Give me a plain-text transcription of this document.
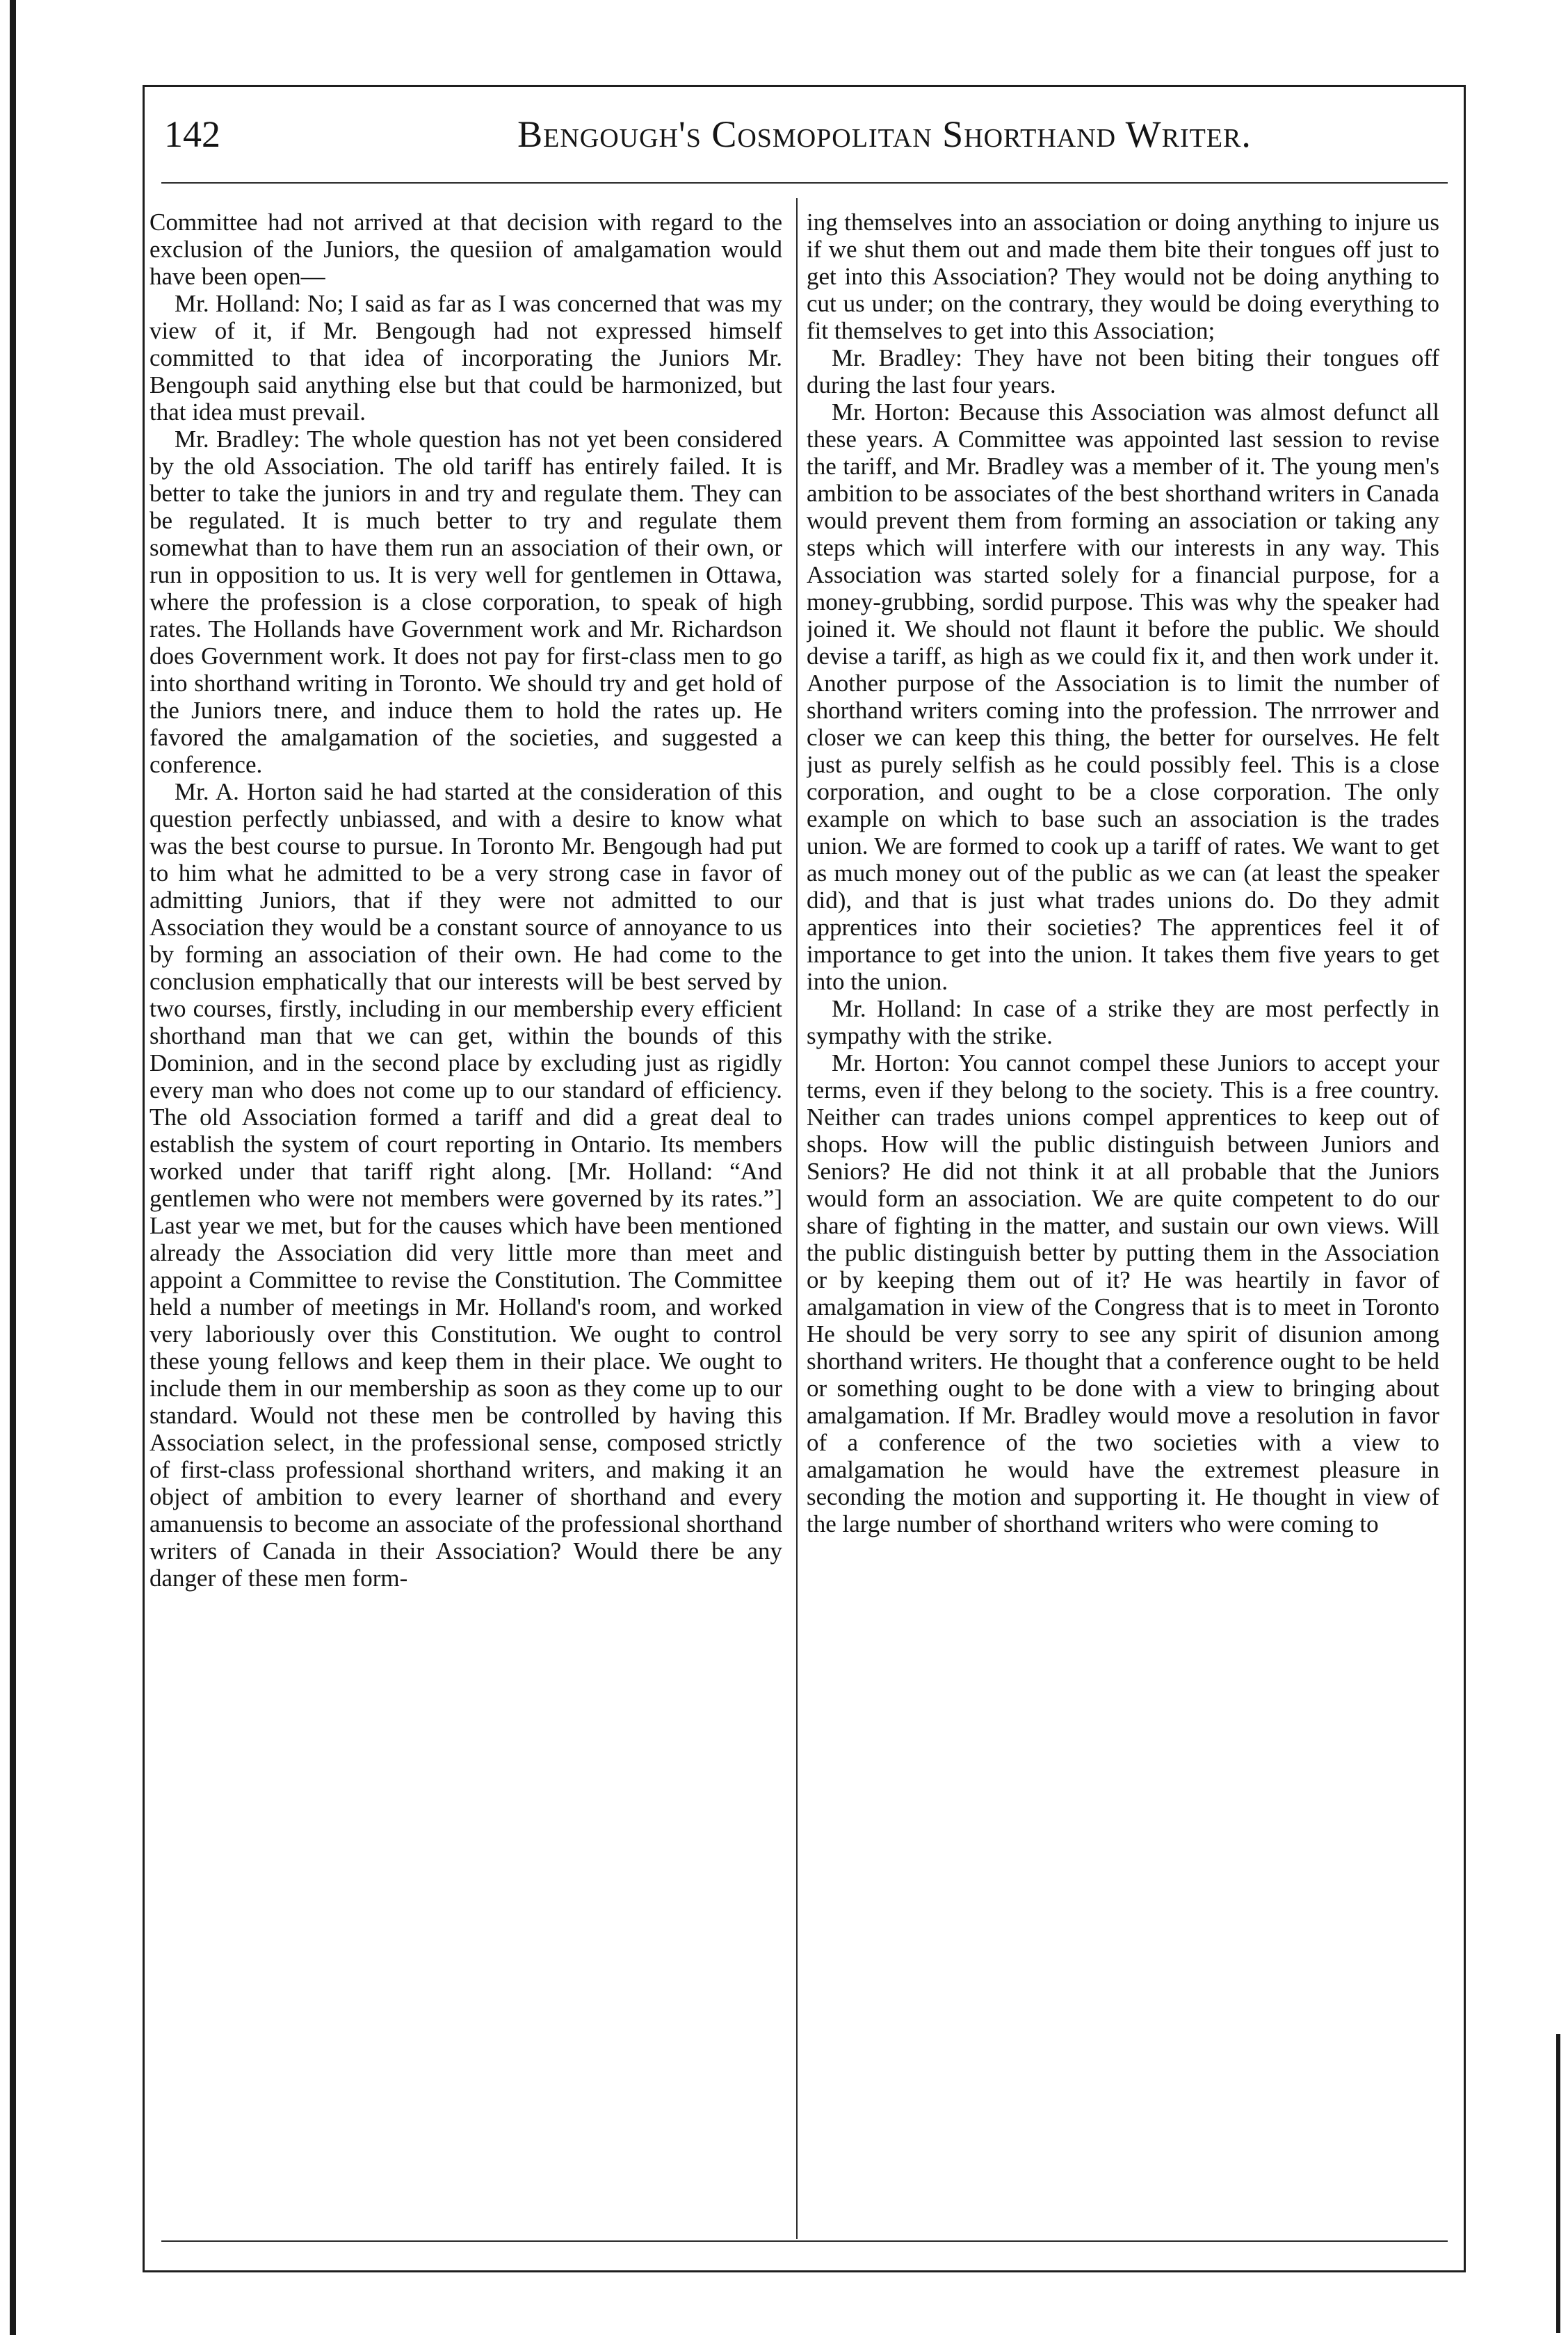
142	Bengough's Cosmopolitan Shorthand Writer.

Committee had not arrived at that decision with regard to the exclusion of the Juniors, the quesiion of amalgamation would have been open—

Mr. Holland: No; I said as far as I was concerned that was my view of it, if Mr. Bengough had not expressed himself committed to that idea of incorporating the Juniors Mr. Bengouph said anything else but that could be harmonized, but that idea must prevail.

Mr. Bradley: The whole question has not yet been considered by the old Association. The old tariff has entirely failed. It is better to take the juniors in and try and regulate them. They can be regulated. It is much better to try and regulate them somewhat than to have them run an association of their own, or run in opposition to us. It is very well for gentlemen in Ottawa, where the profession is a close corporation, to speak of high rates. The Hollands have Government work and Mr. Richardson does Government work. It does not pay for first-class men to go into shorthand writing in Toronto. We should try and get hold of the Juniors tnere, and induce them to hold the rates up. He favored the amalgamation of the societies, and suggested a conference.

Mr. A. Horton said he had started at the consideration of this question perfectly unbiassed, and with a desire to know what was the best course to pursue. In Toronto Mr. Bengough had put to him what he admitted to be a very strong case in favor of admitting Juniors, that if they were not admitted to our Association they would be a constant source of annoyance to us by forming an association of their own. He had come to the conclusion emphatically that our interests will be best served by two courses, firstly, including in our membership every efficient shorthand man that we can get, within the bounds of this Dominion, and in the second place by excluding just as rigidly every man who does not come up to our standard of efficiency. The old Association formed a tariff and did a great deal to establish the system of court reporting in Ontario. Its members worked under that tariff right along. [Mr. Holland: “And gentlemen who were not members were governed by its rates.”] Last year we met, but for the causes which have been mentioned already the Association did very little more than meet and appoint a Committee to revise the Constitution. The Committee held a number of meetings in Mr. Holland's room, and worked very laboriously over this Constitution. We ought to control these young fellows and keep them in their place. We ought to include them in our membership as soon as they come up to our standard. Would not these men be controlled by having this Association select, in the professional sense, composed strictly of first-class professional shorthand writers, and making it an object of ambition to every learner of shorthand and every amanuensis to become an associate of the professional shorthand writers of Canada in their Association? Would there be any danger of these men form-

ing themselves into an association or doing anything to injure us if we shut them out and made them bite their tongues off just to get into this Association? They would not be doing anything to cut us under; on the contrary, they would be doing everything to fit themselves to get into this Association;

Mr. Bradley: They have not been biting their tongues off during the last four years.

Mr. Horton: Because this Association was almost defunct all these years. A Committee was appointed last session to revise the tariff, and Mr. Bradley was a member of it. The young men's ambition to be associates of the best shorthand writers in Canada would prevent them from forming an association or taking any steps which will interfere with our interests in any way. This Association was started solely for a financial purpose, for a money-grubbing, sordid purpose. This was why the speaker had joined it. We should not flaunt it before the public. We should devise a tariff, as high as we could fix it, and then work under it. Another purpose of the Association is to limit the number of shorthand writers coming into the profession. The nrrrower and closer we can keep this thing, the better for ourselves. He felt just as purely selfish as he could possibly feel. This is a close corporation, and ought to be a close corporation. The only example on which to base such an association is the trades union. We are formed to cook up a tariff of rates. We want to get as much money out of the public as we can (at least the speaker did), and that is just what trades unions do. Do they admit apprentices into their societies? The apprentices feel it of importance to get into the union. It takes them five years to get into the union.

Mr. Holland: In case of a strike they are most perfectly in sympathy with the strike.

Mr. Horton: You cannot compel these Juniors to accept your terms, even if they belong to the society. This is a free country. Neither can trades unions compel apprentices to keep out of shops. How will the public distinguish between Juniors and Seniors? He did not think it at all probable that the Juniors would form an association. We are quite competent to do our share of fighting in the matter, and sustain our own views. Will the public distinguish better by putting them in the Association or by keeping them out of it? He was heartily in favor of amalgamation in view of the Congress that is to meet in Toronto He should be very sorry to see any spirit of disunion among shorthand writers. He thought that a conference ought to be held or something ought to be done with a view to bringing about amalgamation. If Mr. Bradley would move a resolution in favor of a conference of the two societies with a view to amalgamation he would have the extremest pleasure in seconding the motion and supporting it. He thought in view of the large number of shorthand writers who were coming to
